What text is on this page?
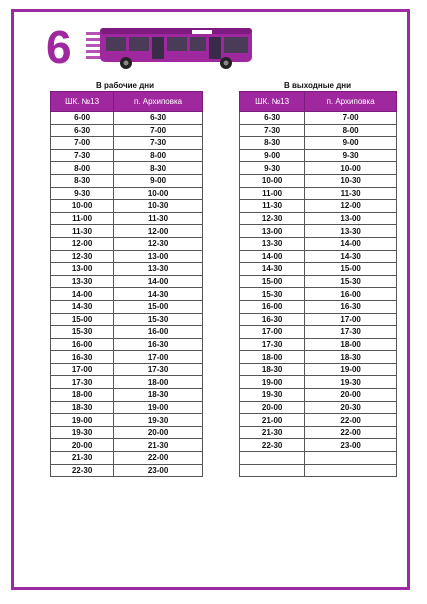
6
В рабочие дни	В выходные дни
ШК. №13	п. Архиповка
6-00	6-30
6-30	7-00
7-00	7-30
7-30	8-00
8-00	8-30
8-30	9-00
9-30	10-00
10-00	10-30
11-00	11-30
11-30	12-00
12-00	12-30
12-30	13-00
13-00	13-30
13-30	14-00
14-00	14-30
14-30	15-00
15-00	15-30
15-30	16-00
16-00	16-30
16-30	17-00
17-00	17-30
17-30	18-00
18-00	18-30
18-30	19-00
19-00	19-30
19-30	20-00
20-00	21-30
21-30	22-00
22-30	23-00
ШК. №13	п. Архиповка
6-30	7-00
7-30	8-00
8-30	9-00
9-00	9-30
9-30	10-00
10-00	10-30
11-00	11-30
11-30	12-00
12-30	13-00
13-00	13-30
13-30	14-00
14-00	14-30
14-30	15-00
15-00	15-30
15-30	16-00
16-00	16-30
16-30	17-00
17-00	17-30
17-30	18-00
18-00	18-30
18-30	19-00
19-00	19-30
19-30	20-00
20-00	20-30
21-00	22-00
21-30	22-00
22-30	23-00
